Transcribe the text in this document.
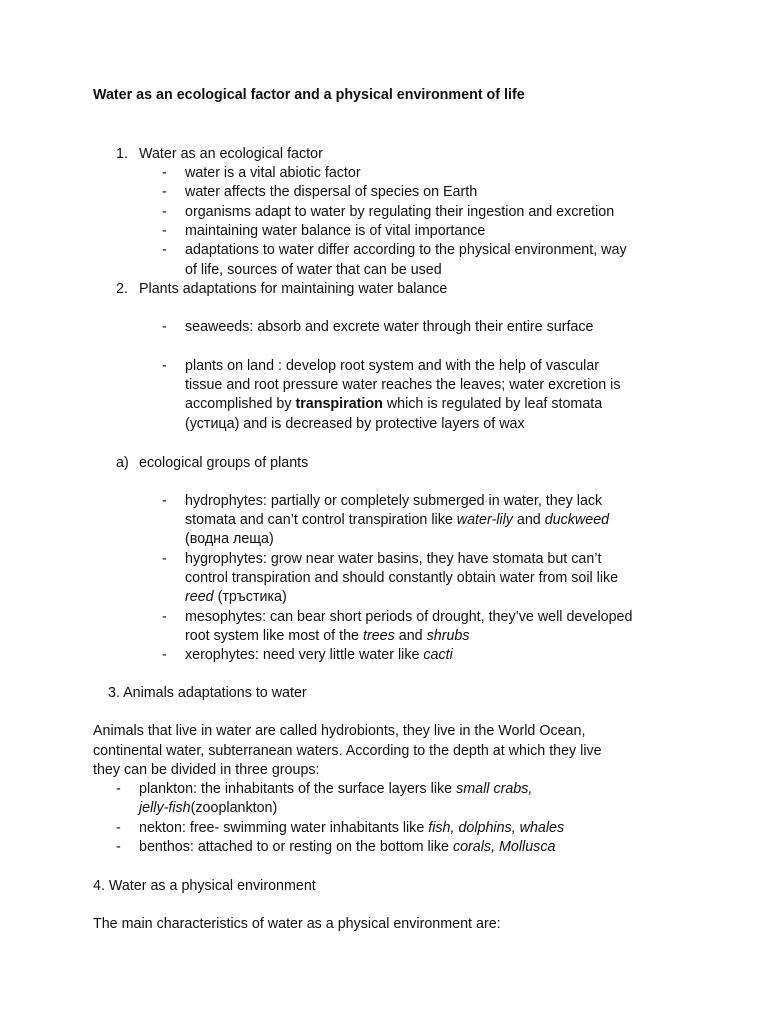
Water as an ecological factor and a physical environment of life
1. Water as an ecological factor
- water is a vital abiotic factor
- water affects the dispersal of species on Earth
- organisms adapt to water by regulating their ingestion and excretion
- maintaining water balance is of vital importance
- adaptations to water differ according to the physical environment, way
of life, sources of water that can be used
2. Plants adaptations for maintaining water balance
- seaweeds: absorb and excrete water through their entire surface
- plants on land : develop root system and with the help of vascular
tissue and root pressure water reaches the leaves; water excretion is
accomplished by transpiration which is regulated by leaf stomata
(устица) and is decreased by protective layers of wax
a) ecological groups of plants
- hydrophytes: partially or completely submerged in water, they lack
stomata and can’t control transpiration like water-lily and duckweed
(водна леща)
- hygrophytes: grow near water basins, they have stomata but can’t
control transpiration and should constantly obtain water from soil like
reed (тръстика)
- mesophytes: can bear short periods of drought, they’ve well developed
root system like most of the trees and shrubs
- xerophytes: need very little water like cacti
3. Animals adaptations to water
Animals that live in water are called hydrobionts, they live in the World Ocean,
continental water, subterranean waters. According to the depth at which they live
they can be divided in three groups:
- plankton: the inhabitants of the surface layers like small crabs,
jelly-fish(zooplankton)
- nekton: free- swimming water inhabitants like fish, dolphins, whales
- benthos: attached to or resting on the bottom like corals, Mollusca
4. Water as a physical environment
The main characteristics of water as a physical environment are:
